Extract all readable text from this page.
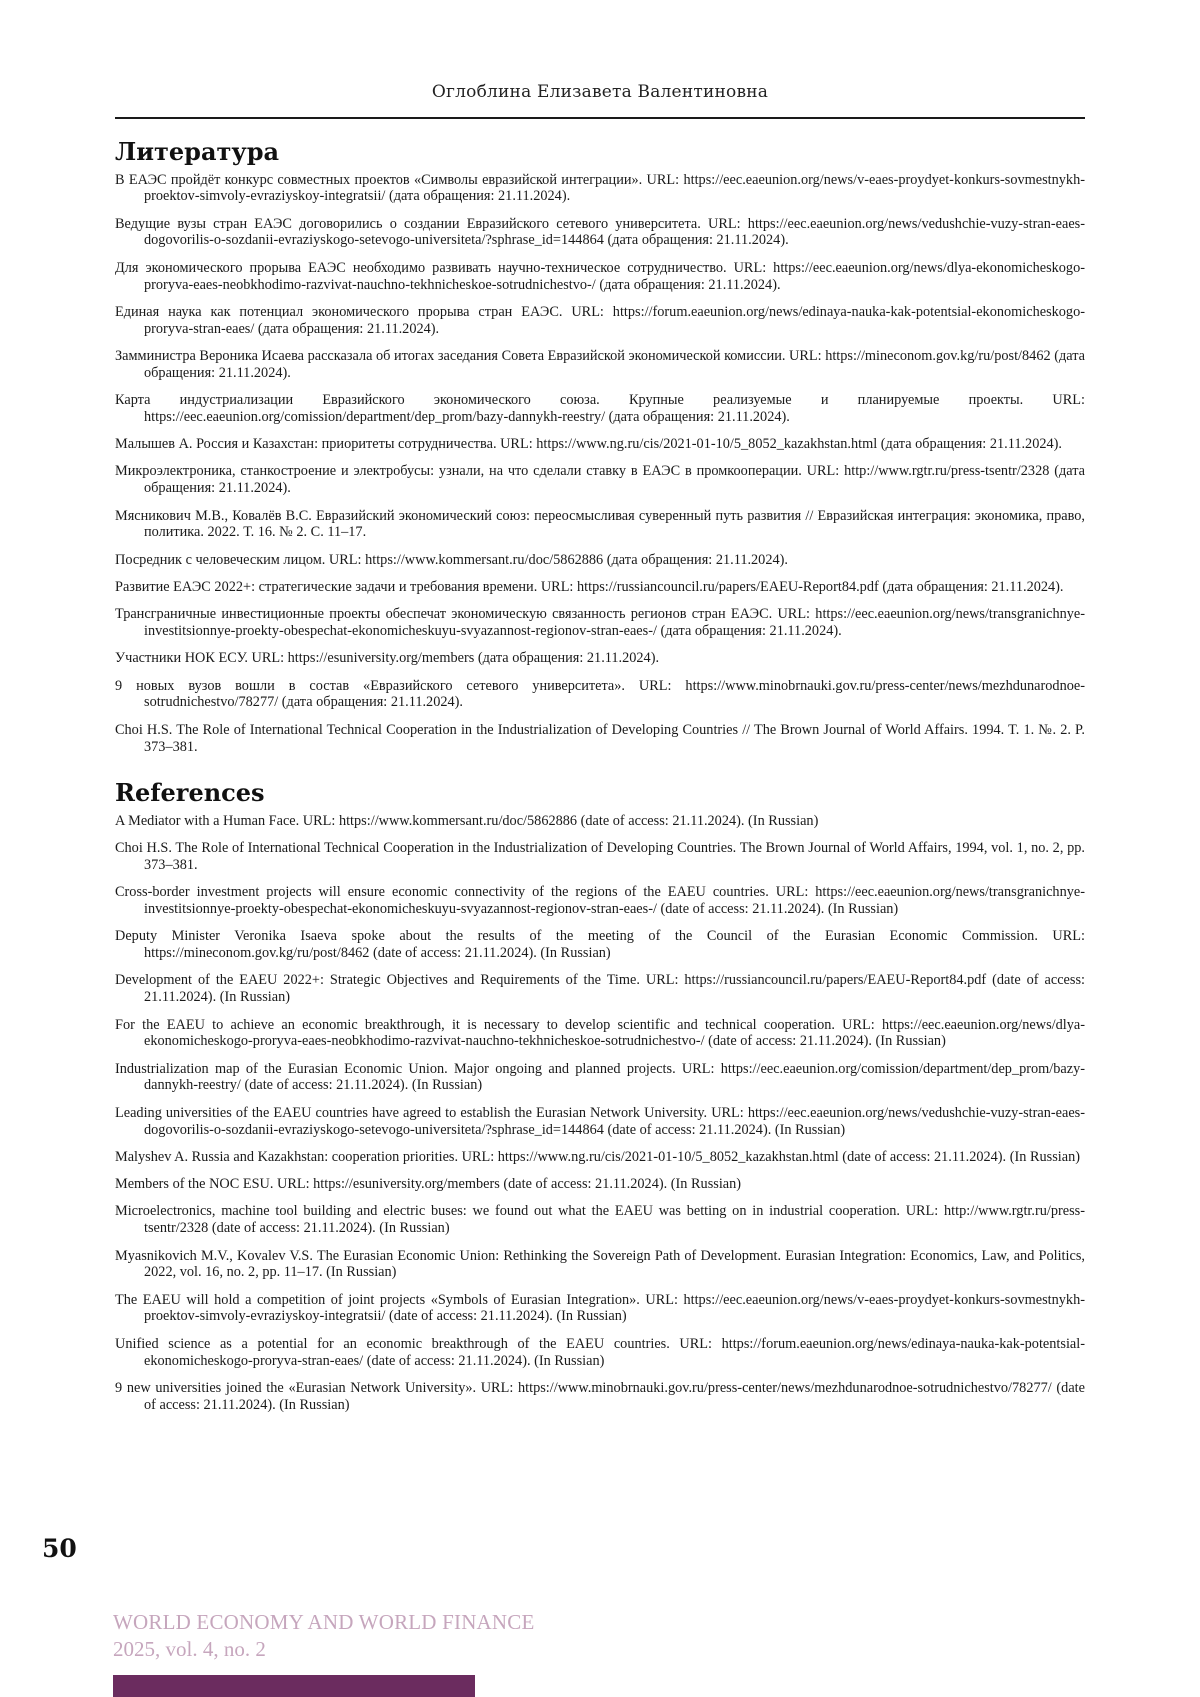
Оглоблина Елизавета Валентиновна
Литература
В ЕАЭС пройдёт конкурс совместных проектов «Символы евразийской интеграции». URL: https://eec.eaeunion.org/news/v-eaes-proydyet-konkurs-sovmestnykh-proektov-simvoly-evraziyskoy-integratsii/ (дата обращения: 21.11.2024).
Ведущие вузы стран ЕАЭС договорились о создании Евразийского сетевого университета. URL: https://eec.eaeunion.org/news/vedushchie-vuzy-stran-eaes-dogovorilis-o-sozdanii-evraziyskogo-setevogo-universiteta/?sphrase_id=144864 (дата обращения: 21.11.2024).
Для экономического прорыва ЕАЭС необходимо развивать научно-техническое сотрудничество. URL: https://eec.eaeunion.org/news/dlya-ekonomicheskogo-proryva-eaes-neobkhodimo-razvivat-nauchno-tekhnicheskoe-sotrudnichestvo-/ (дата обращения: 21.11.2024).
Единая наука как потенциал экономического прорыва стран ЕАЭС. URL: https://forum.eaeunion.org/news/edinaya-nauka-kak-potentsial-ekonomicheskogo-proryva-stran-eaes/ (дата обращения: 21.11.2024).
Замминистра Вероника Исаева рассказала об итогах заседания Совета Евразийской экономической комиссии. URL: https://mineconom.gov.kg/ru/post/8462 (дата обращения: 21.11.2024).
Карта индустриализации Евразийского экономического союза. Крупные реализуемые и планируемые проекты. URL: https://eec.eaeunion.org/comission/department/dep_prom/bazy-dannykh-reestry/ (дата обращения: 21.11.2024).
Малышев А. Россия и Казахстан: приоритеты сотрудничества. URL: https://www.ng.ru/cis/2021-01-10/5_8052_kazakhstan.html (дата обращения: 21.11.2024).
Микроэлектроника, станкостроение и электробусы: узнали, на что сделали ставку в ЕАЭС в промкооперации. URL: http://www.rgtr.ru/press-tsentr/2328 (дата обращения: 21.11.2024).
Мясникович М.В., Ковалёв В.С. Евразийский экономический союз: переосмысливая суверенный путь развития // Евразийская интеграция: экономика, право, политика. 2022. Т. 16. № 2. С. 11–17.
Посредник с человеческим лицом. URL: https://www.kommersant.ru/doc/5862886 (дата обращения: 21.11.2024).
Развитие ЕАЭС 2022+: стратегические задачи и требования времени. URL: https://russiancouncil.ru/papers/EAEU-Report84.pdf (дата обращения: 21.11.2024).
Трансграничные инвестиционные проекты обеспечат экономическую связанность регионов стран ЕАЭС. URL: https://eec.eaeunion.org/news/transgranichnye-investitsionnye-proekty-obespechat-ekonomicheskuyu-svyazannost-regionov-stran-eaes-/ (дата обращения: 21.11.2024).
Участники НОК ЕСУ. URL: https://esuniversity.org/members (дата обращения: 21.11.2024).
9 новых вузов вошли в состав «Евразийского сетевого университета». URL: https://www.minobrnauki.gov.ru/press-center/news/mezhdunarodnoe-sotrudnichestvo/78277/ (дата обращения: 21.11.2024).
Choi H.S. The Role of International Technical Cooperation in the Industrialization of Developing Countries // The Brown Journal of World Affairs. 1994. T. 1. №. 2. P. 373–381.
References
A Mediator with a Human Face. URL: https://www.kommersant.ru/doc/5862886 (date of access: 21.11.2024). (In Russian)
Choi H.S. The Role of International Technical Cooperation in the Industrialization of Developing Countries. The Brown Journal of World Affairs, 1994, vol. 1, no. 2, pp. 373–381.
Cross-border investment projects will ensure economic connectivity of the regions of the EAEU countries. URL: https://eec.eaeunion.org/news/transgranichnye-investitsionnye-proekty-obespechat-ekonomicheskuyu-svyazannost-regionov-stran-eaes-/ (date of access: 21.11.2024). (In Russian)
Deputy Minister Veronika Isaeva spoke about the results of the meeting of the Council of the Eurasian Economic Commission. URL: https://mineconom.gov.kg/ru/post/8462 (date of access: 21.11.2024). (In Russian)
Development of the EAEU 2022+: Strategic Objectives and Requirements of the Time. URL: https://russiancouncil.ru/papers/EAEU-Report84.pdf (date of access: 21.11.2024). (In Russian)
For the EAEU to achieve an economic breakthrough, it is necessary to develop scientific and technical cooperation. URL: https://eec.eaeunion.org/news/dlya-ekonomicheskogo-proryva-eaes-neobkhodimo-razvivat-nauchno-tekhnicheskoe-sotrudnichestvo-/ (date of access: 21.11.2024). (In Russian)
Industrialization map of the Eurasian Economic Union. Major ongoing and planned projects. URL: https://eec.eaeunion.org/comission/department/dep_prom/bazy-dannykh-reestry/ (date of access: 21.11.2024). (In Russian)
Leading universities of the EAEU countries have agreed to establish the Eurasian Network University. URL: https://eec.eaeunion.org/news/vedushchie-vuzy-stran-eaes-dogovorilis-o-sozdanii-evraziyskogo-setevogo-universiteta/?sphrase_id=144864 (date of access: 21.11.2024). (In Russian)
Malyshev A. Russia and Kazakhstan: cooperation priorities. URL: https://www.ng.ru/cis/2021-01-10/5_8052_kazakhstan.html (date of access: 21.11.2024). (In Russian)
Members of the NOC ESU. URL: https://esuniversity.org/members (date of access: 21.11.2024). (In Russian)
Microelectronics, machine tool building and electric buses: we found out what the EAEU was betting on in industrial cooperation. URL: http://www.rgtr.ru/press-tsentr/2328 (date of access: 21.11.2024). (In Russian)
Myasnikovich M.V., Kovalev V.S. The Eurasian Economic Union: Rethinking the Sovereign Path of Development. Eurasian Integration: Economics, Law, and Politics, 2022, vol. 16, no. 2, pp. 11–17. (In Russian)
The EAEU will hold a competition of joint projects «Symbols of Eurasian Integration». URL: https://eec.eaeunion.org/news/v-eaes-proydyet-konkurs-sovmestnykh-proektov-simvoly-evraziyskoy-integratsii/ (date of access: 21.11.2024). (In Russian)
Unified science as a potential for an economic breakthrough of the EAEU countries. URL: https://forum.eaeunion.org/news/edinaya-nauka-kak-potentsial-ekonomicheskogo-proryva-stran-eaes/ (date of access: 21.11.2024). (In Russian)
9 new universities joined the «Eurasian Network University». URL: https://www.minobrnauki.gov.ru/press-center/news/mezhdunarodnoe-sotrudnichestvo/78277/ (date of access: 21.11.2024). (In Russian)
50
WORLD ECONOMY AND WORLD FINANCE
2025, vol. 4, no. 2
